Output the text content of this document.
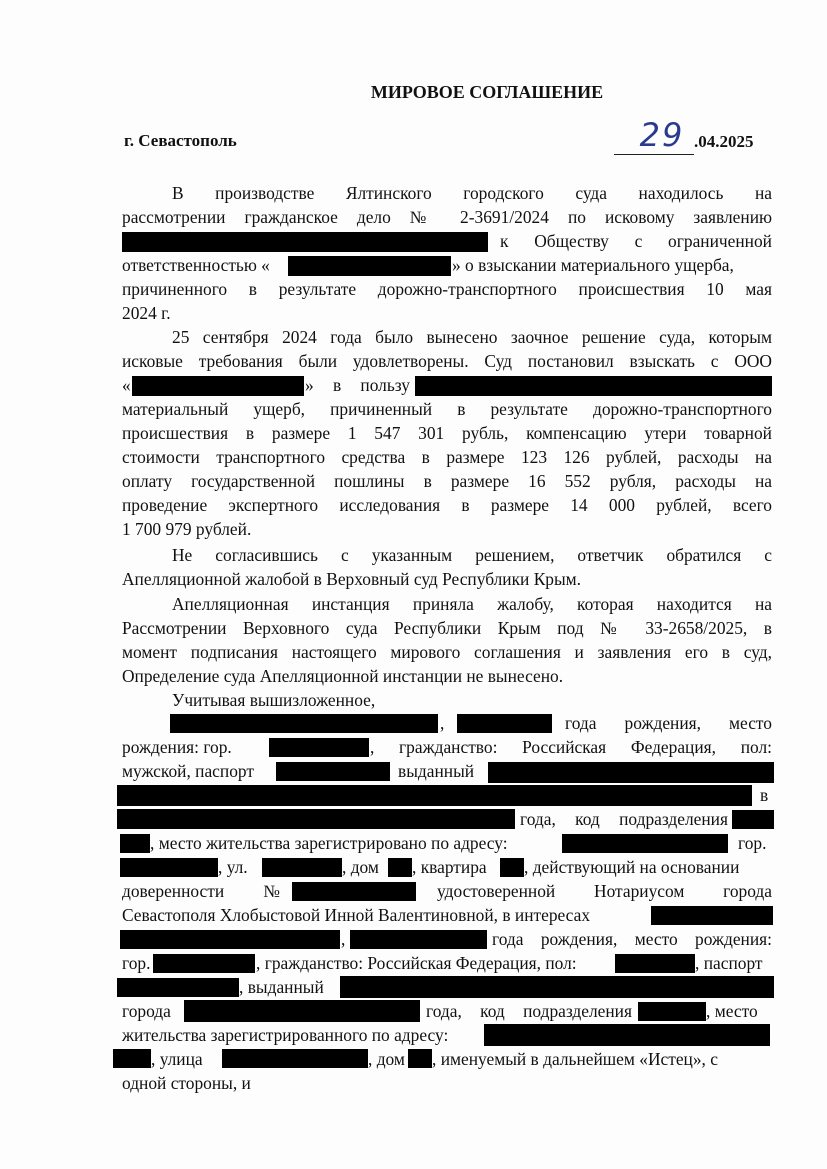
МИРОВОЕ СОГЛАШЕНИЕ
г. Севастополь	29 .04.2025
В производстве Ялтинского городского суда находилось на
рассмотрении гражданское дело № 2-3691/2024 по исковому заявлению
к Обществу с ограниченной
ответственностью «	» о взыскании материального ущерба,
причиненного в результате дорожно-транспортного происшествия 10 мая
2024 г.
25 сентября 2024 года было вынесено заочное решение суда, которым
исковые требования были удовлетворены. Суд постановил взыскать с ООО
«	» в пользу
материальный ущерб, причиненный в результате дорожно-транспортного
происшествия в размере 1 547 301 рубль, компенсацию утери товарной
стоимости транспортного средства в размере 123 126 рублей, расходы на
оплату государственной пошлины в размере 16 552 рубля, расходы на
проведение экспертного исследования в размере 14 000 рублей, всего
1 700 979 рублей.
Не согласившись с указанным решением, ответчик обратился с
Апелляционной жалобой в Верховный суд Республики Крым.
Апелляционная инстанция приняла жалобу, которая находится на
Рассмотрении Верховного суда Республики Крым под № 33-2658/2025, в
момент подписания настоящего мирового соглашения и заявления его в суд,
Определение суда Апелляционной инстанции не вынесено.
Учитывая вышизложенное,
,	года рождения, место
рождения: гор.	, гражданство: Российская Федерация, пол:
мужской, паспорт	выданный
в
года, код подразделения
, место жительства зарегистрировано по адресу:	гор.
, ул.	, дом , квартира , действующий на основании
доверенности №	удостоверенной Нотариусом города
Севастополя Хлобыстовой Инной Валентиновной, в интересах
,	года рождения, место рождения:
гор.	, гражданство: Российская Федерация, пол:	, паспорт
, выданный
города	года, код подразделения	, место
жительства зарегистрированного по адресу:
, улица	, дом , именуемый в дальнейшем «Истец», с
одной стороны, и
